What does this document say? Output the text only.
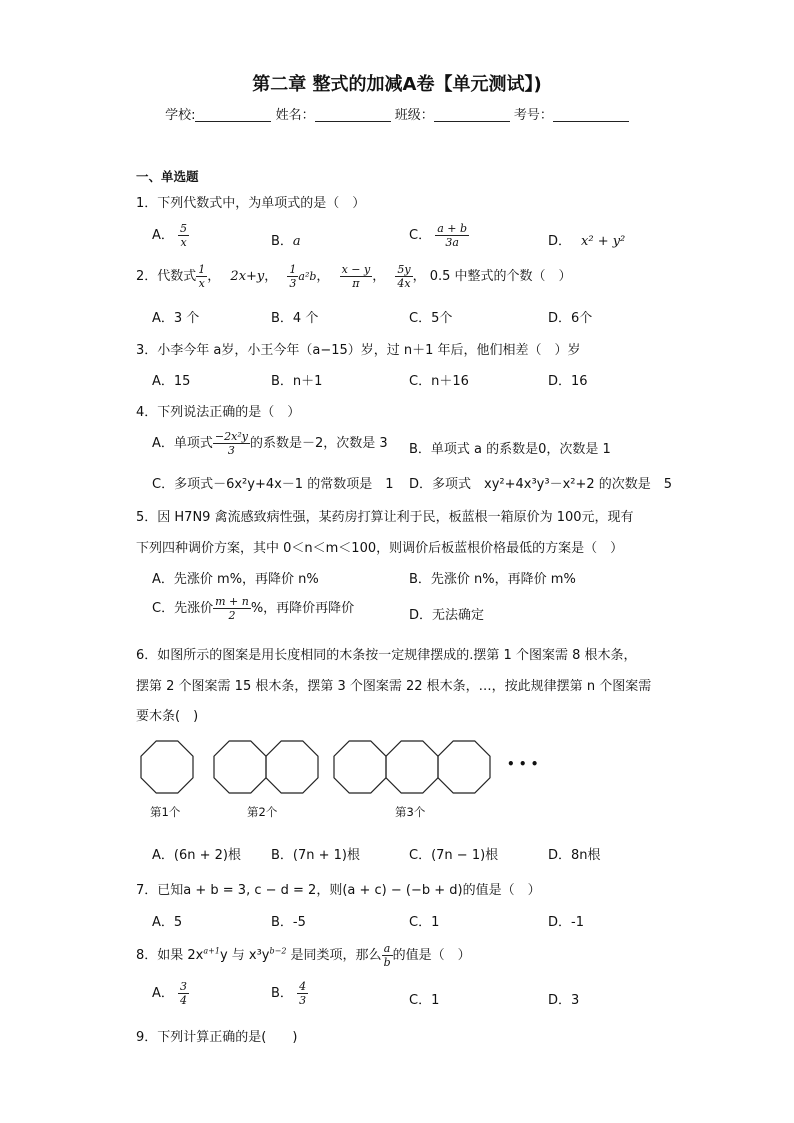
第二章 整式的加减A卷【单元测试】)
学校:	姓名：	班级：	考号：
一、单选题
1．下列代数式中，为单项式的是（　）
A． $\frac{5}{x}$	B．a	C． $\frac{a + b}{3a}$	D． x² + y²
2．代数式 $\frac{1}{x}$ ， 2x+y， $\frac{1}{3} a^2b$， $\frac{x - y}{\pi}$ ， $\frac{5y}{4x}$ ， 0.5 中整式的个数（　）
A．3 个	B．4 个	C．5个	D．6个
3．小李今年 a岁，小王今年（a−15）岁，过 n＋1 年后，他们相差（　）岁
A．15	B．n＋1	C．n＋16	D．16
4．下列说法正确的是（　）
A．单项式 $\frac{\text{−2x²y}}{3}$ 的系数是－2，次数是 3 B．单项式 a 的系数是0，次数是 1
C．多项式－6x²y+4x－1 的常数项是　1 D．多项式　xy²+4x³y³－x²+2 的次数是　5
5．因 H7N9 禽流感致病性强，某药房打算让利于民，板蓝根一箱原价为 100元，现有
下列四种调价方案，其中 0＜n＜m＜100，则调价后板蓝根价格最低的方案是（　）
A．先涨价 m%，再降价 n%	B．先涨价 n%，再降价 m%
C．先涨价 $\frac{m + n}{2}$ %，再降价再降价	D．无法确定
6．如图所示的图案是用长度相同的木条按一定规律摆成的.摆第 1 个图案需 8 根木条，
摆第 2 个图案需 15 根木条，摆第 3 个图案需 22 根木条，…，按此规律摆第 n 个图案需
要木条(　)
第1个	第2个	第3个
• • •
A．(6n + 2)根 B．(7n + 1)根	C．(7n − 1)根	D．8n根
7．已知a + b = 3, c − d = 2，则(a + c) − (−b + d)的值是（　）
A．5	B．-5	C．1	D．-1
8．如果 $2x^{a+1}y$ 与 $x^3y^{b-2}$ 是同类项，那么 $\frac{a}{b}$ 的值是（　）
A． $\frac{3}{4}$	B． $\frac{4}{3}$	C．1	D．3
9．下列计算正确的是(　　)
